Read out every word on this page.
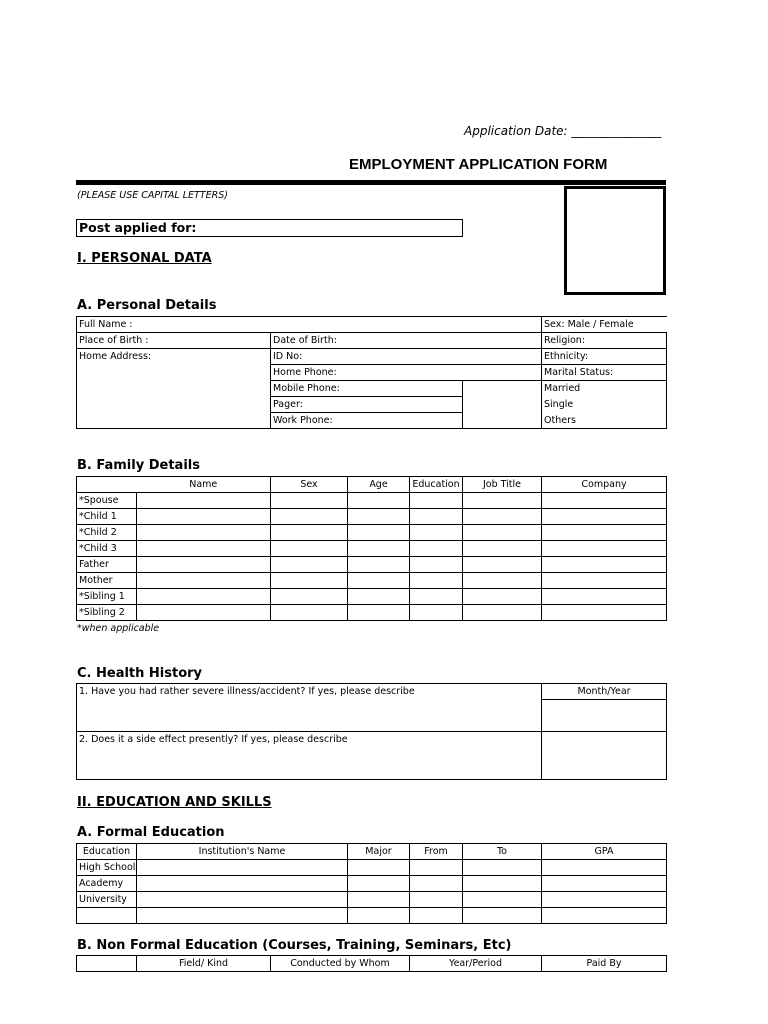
Application Date: _______________
EMPLOYMENT APPLICATION FORM
(PLEASE USE CAPITAL LETTERS)
Post applied for:
I. PERSONAL DATA
A. Personal Details
Full Name :			Sex: Male / Female
Place of Birth :	Date of Birth:		Religion:
Home Address:	ID No:		Ethnicity:
	Home Phone:		Marital Status:
	Mobile Phone:		Married
	Pager:		Single
	Work Phone:		Others
B. Family Details
	Name	Sex	Age	Education	Job Title	Company
*Spouse						
*Child 1						
*Child 2						
*Child 3						
Father						
Mother						
*Sibling 1						
*Sibling 2						
*when applicable
C. Health History
1. Have you had rather severe illness/accident? If yes, please describe	Month/Year

2. Does it a side effect presently? If yes, please describe	
II. EDUCATION AND SKILLS
A. Formal Education
Education	Institution's Name	Major	From	To	GPA
High School					
Academy					
University					

B. Non Formal Education (Courses, Training, Seminars, Etc)
	Field/ Kind	Conducted by Whom	Year/Period	Paid By
